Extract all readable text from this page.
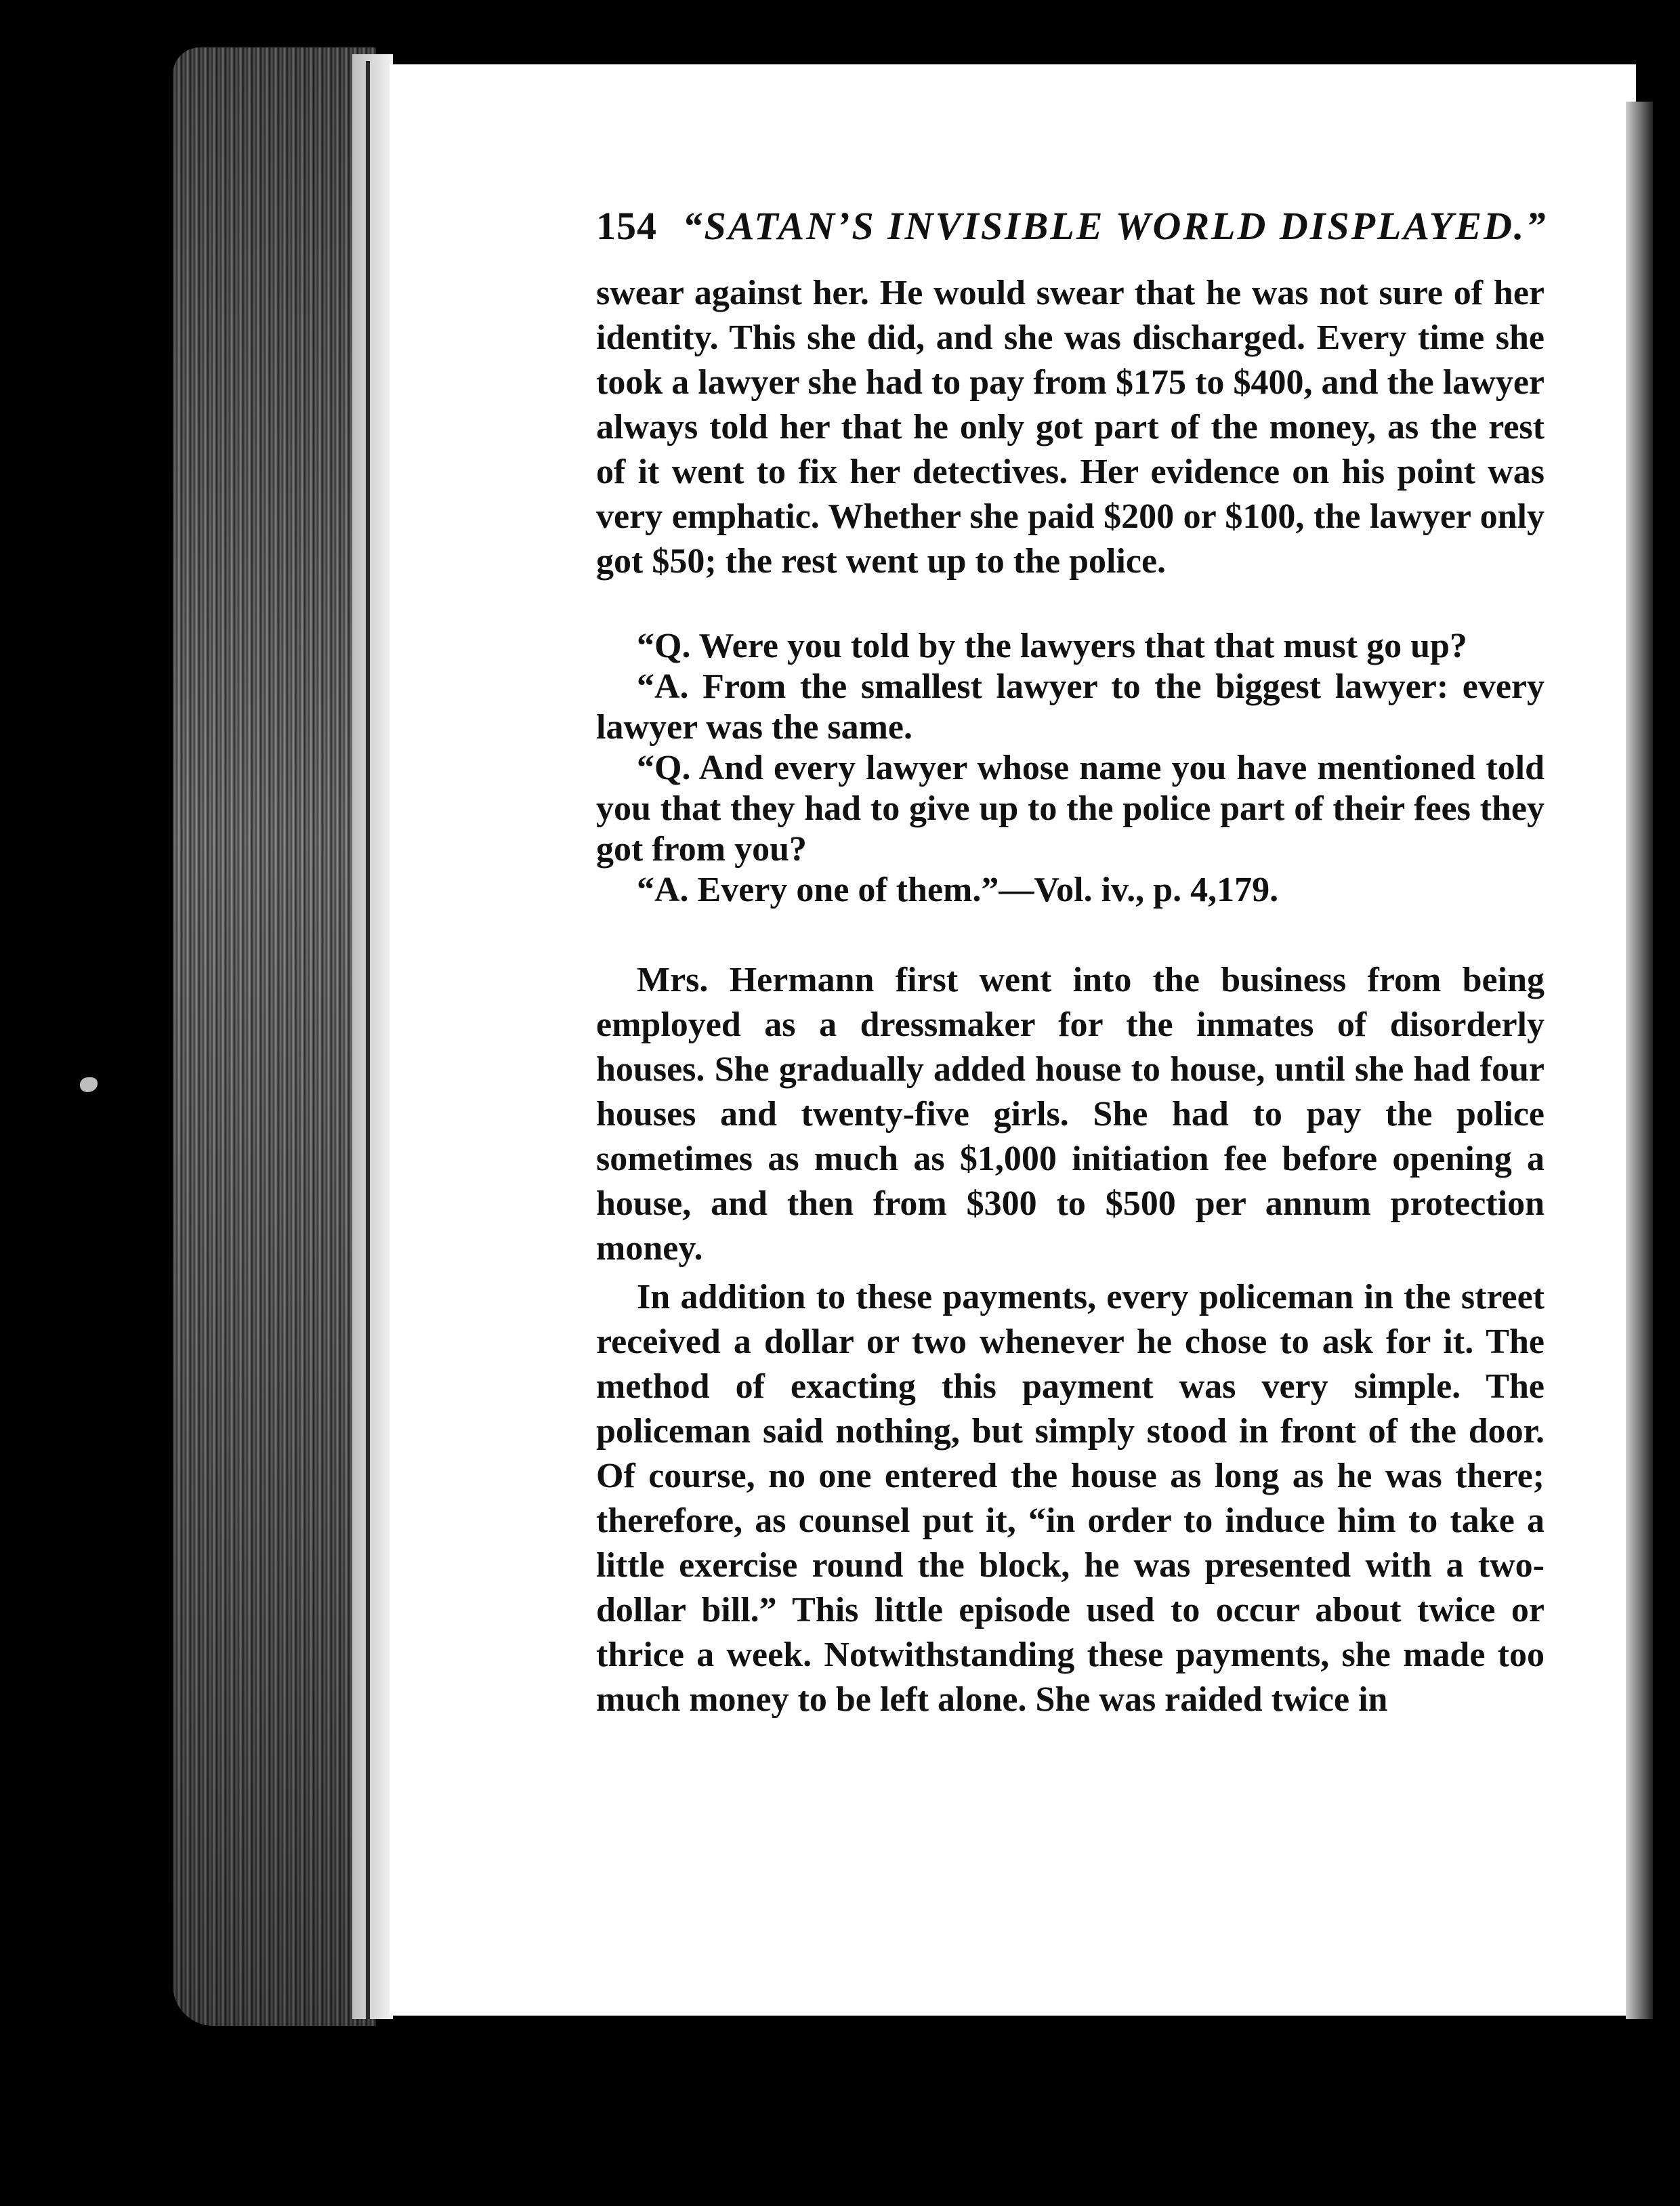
154 “SATAN’S INVISIBLE WORLD DISPLAYED.”

swear against her. He would swear that he was not sure of her identity. This she did, and she was discharged. Every time she took a lawyer she had to pay from $175 to $400, and the lawyer always told her that he only got part of the money, as the rest of it went to fix her detectives. Her evidence on his point was very emphatic. Whether she paid $200 or $100, the lawyer only got $50; the rest went up to the police.

“Q. Were you told by the lawyers that that must go up?

“A. From the smallest lawyer to the biggest lawyer: every lawyer was the same.

“Q. And every lawyer whose name you have mentioned told you that they had to give up to the police part of their fees they got from you?

“A. Every one of them.”—Vol. iv., p. 4,179.

Mrs. Hermann first went into the business from being employed as a dressmaker for the inmates of disorderly houses. She gradually added house to house, until she had four houses and twenty-five girls. She had to pay the police sometimes as much as $1,000 initiation fee before opening a house, and then from $300 to $500 per annum protection money.

In addition to these payments, every policeman in the street received a dollar or two whenever he chose to ask for it. The method of exacting this payment was very simple. The policeman said nothing, but simply stood in front of the door. Of course, no one entered the house as long as he was there; therefore, as counsel put it, “in order to induce him to take a little exercise round the block, he was presented with a two-dollar bill.” This little episode used to occur about twice or thrice a week. Notwithstanding these payments, she made too much money to be left alone. She was raided twice in
